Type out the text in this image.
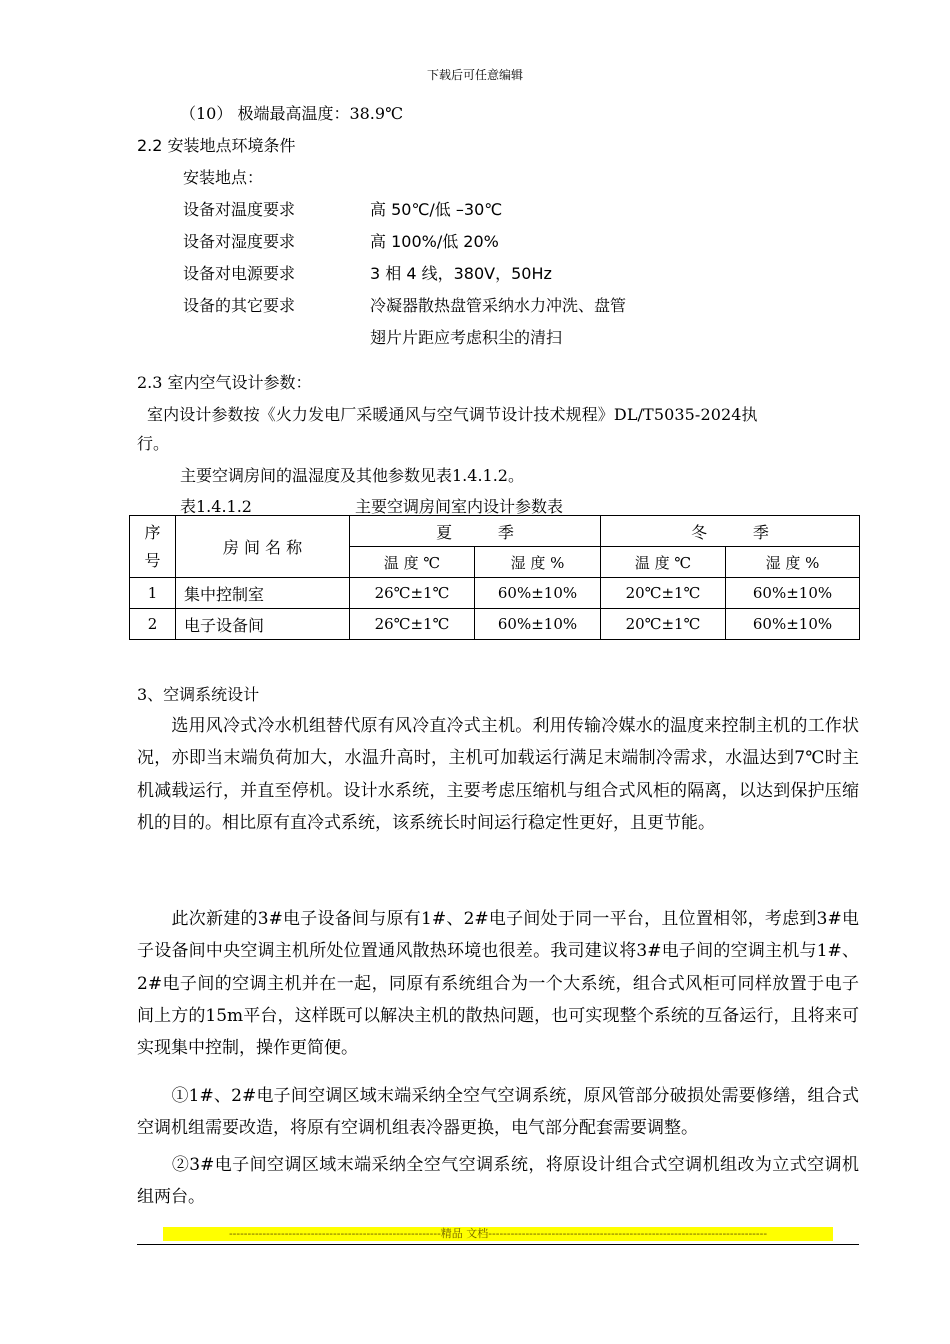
下载后可任意编辑
（10） 极端最高温度：38.9℃
2.2 安装地点环境条件
安装地点：
设备对温度要求	高 50℃/低 –30℃
设备对湿度要求	高 100%/低 20%
设备对电源要求	3 相 4 线，380V，50Hz
设备的其它要求	冷凝器散热盘管采纳水力冲洗、盘管
翅片片距应考虑积尘的清扫
2.3 室内空气设计参数：
室内设计参数按《火力发电厂采暖通风与空气调节设计技术规程》DL/T5035-2024执
行。
主要空调房间的温湿度及其他参数见表1.4.1.2。
表1.4.1.2	主要空调房间室内设计参数表
序
号	房 间 名 称	夏         季		冬         季	
		温 度 ℃	湿 度 %	温 度 ℃	湿 度 %
1	集中控制室	26℃±1℃	60%±10%	20℃±1℃	60%±10%
2	电子设备间	26℃±1℃	60%±10%	20℃±1℃	60%±10%
3、空调系统设计
　　选用风冷式冷水机组替代原有风冷直冷式主机。利用传输冷媒水的温度来控制主机的工作状况，亦即当末端负荷加大，水温升高时，主机可加载运行满足末端制冷需求，水温达到7℃时主机减载运行，并直至停机。设计水系统，主要考虑压缩机与组合式风柜的隔离，以达到保护压缩机的目的。相比原有直冷式系统，该系统长时间运行稳定性更好，且更节能。
　　此次新建的3#电子设备间与原有1#、2#电子间处于同一平台，且位置相邻，考虑到3#电子设备间中央空调主机所处位置通风散热环境也很差。我司建议将3#电子间的空调主机与1#、2#电子间的空调主机并在一起，同原有系统组合为一个大系统，组合式风柜可同样放置于电子间上方的15m平台，这样既可以解决主机的散热问题，也可实现整个系统的互备运行，且将来可实现集中控制，操作更简便。
　　①1#、2#电子间空调区域末端采纳全空气空调系统，原风管部分破损处需要修缮，组合式空调机组需要改造，将原有空调机组表冷器更换，电气部分配套需要调整。
　　②3#电子间空调区域末端采纳全空气空调系统，将原设计组合式空调机组改为立式空调机组两台。
---------------------------------------------------------精品 文档---------------------------------------------------------------------------
